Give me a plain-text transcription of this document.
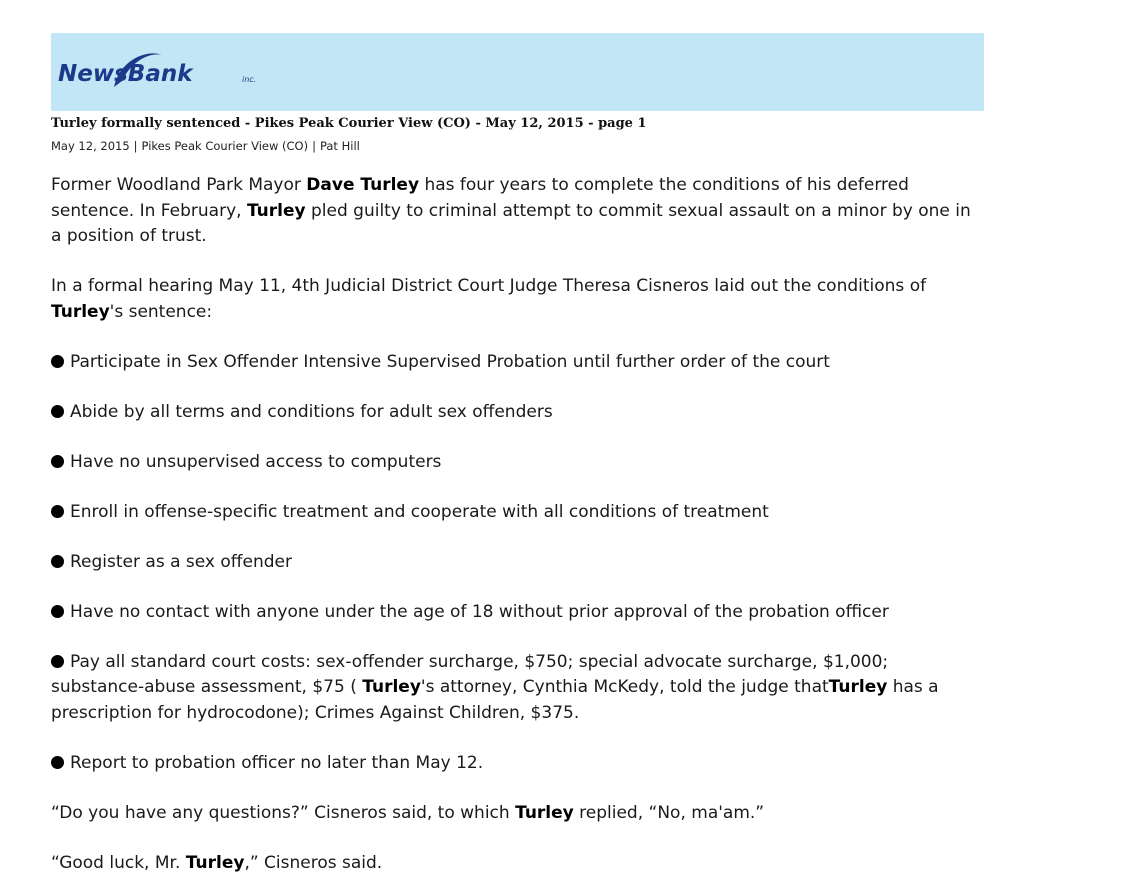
NewsBank	inc.
Turley formally sentenced - Pikes Peak Courier View (CO) - May 12, 2015 - page 1
May 12, 2015 | Pikes Peak Courier View (CO) | Pat Hill

Former Woodland Park Mayor Dave Turley has four years to complete the conditions of his deferred sentence. In February, Turley pled guilty to criminal attempt to commit sexual assault on a minor by one in a position of trust.

In a formal hearing May 11, 4th Judicial District Court Judge Theresa Cisneros laid out the conditions of Turley's sentence:

Participate in Sex Offender Intensive Supervised Probation until further order of the court

Abide by all terms and conditions for adult sex offenders

Have no unsupervised access to computers

Enroll in offense-specific treatment and cooperate with all conditions of treatment

Register as a sex offender

Have no contact with anyone under the age of 18 without prior approval of the probation officer

Pay all standard court costs: sex-offender surcharge, $750; special advocate surcharge, $1,000; substance-abuse assessment, $75 ( Turley's attorney, Cynthia McKedy, told the judge thatTurley has a prescription for hydrocodone); Crimes Against Children, $375.

Report to probation officer no later than May 12.

“Do you have any questions?” Cisneros said, to which Turley replied, “No, ma'am.”

“Good luck, Mr. Turley,” Cisneros said.
